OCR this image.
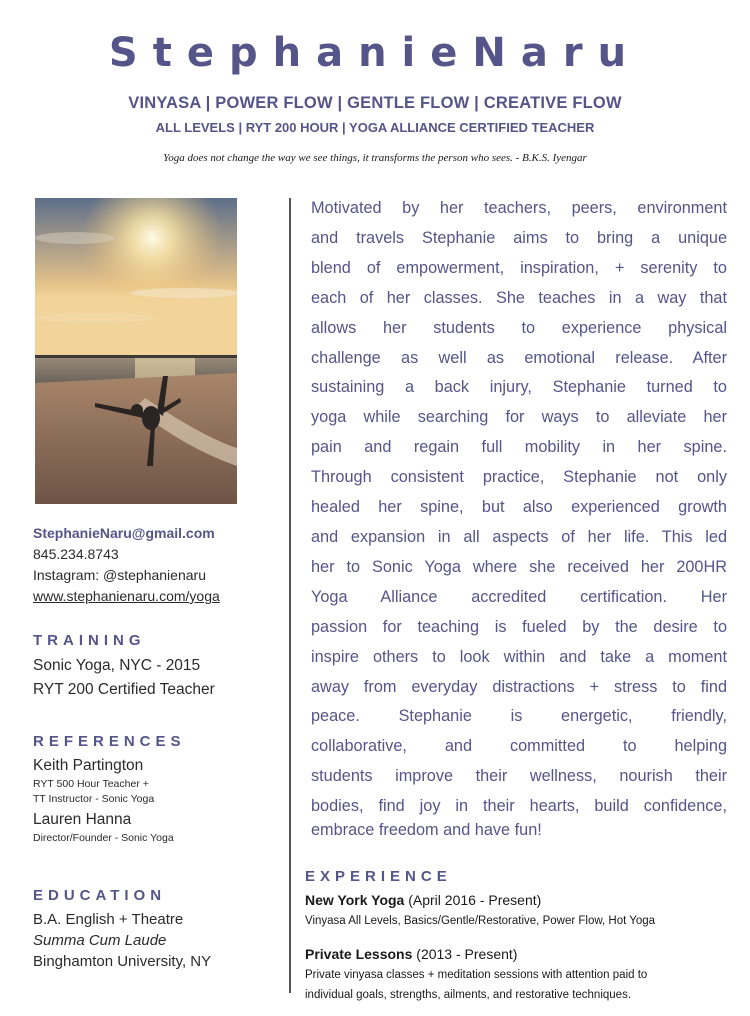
StephanieNaru
VINYASA | POWER FLOW | GENTLE FLOW | CREATIVE FLOW
ALL LEVELS | RYT 200 HOUR | YOGA ALLIANCE CERTIFIED TEACHER
Yoga does not change the way we see things, it transforms the person who sees. - B.K.S. Iyengar
StephanieNaru@gmail.com
845.234.8743
Instagram: @stephanienaru
www.stephanienaru.com/yoga
TRAINING
Sonic Yoga, NYC - 2015
RYT 200 Certified Teacher
REFERENCES
Keith Partington
RYT 500 Hour Teacher +
TT Instructor - Sonic Yoga
Lauren Hanna
Director/Founder - Sonic Yoga
EDUCATION
B.A. English + Theatre
Summa Cum Laude
Binghamton University, NY
Motivated by her teachers, peers, environment
and travels Stephanie aims to bring a unique
blend of empowerment, inspiration, + serenity to
each of her classes. She teaches in a way that
allows her students to experience physical
challenge as well as emotional release. After
sustaining a back injury, Stephanie turned to
yoga while searching for ways to alleviate her
pain and regain full mobility in her spine.
Through consistent practice, Stephanie not only
healed her spine, but also experienced growth
and expansion in all aspects of her life. This led
her to Sonic Yoga where she received her 200HR
Yoga Alliance accredited certification. Her
passion for teaching is fueled by the desire to
inspire others to look within and take a moment
away from everyday distractions + stress to find
peace. Stephanie is energetic, friendly,
collaborative, and committed to helping
students improve their wellness, nourish their
bodies, find joy in their hearts, build confidence,
embrace freedom and have fun!
EXPERIENCE
New York Yoga (April 2016 - Present)
Vinyasa All Levels, Basics/Gentle/Restorative, Power Flow, Hot Yoga
Private Lessons (2013 - Present)
Private vinyasa classes + meditation sessions with attention paid to
individual goals, strengths, ailments, and restorative techniques.
